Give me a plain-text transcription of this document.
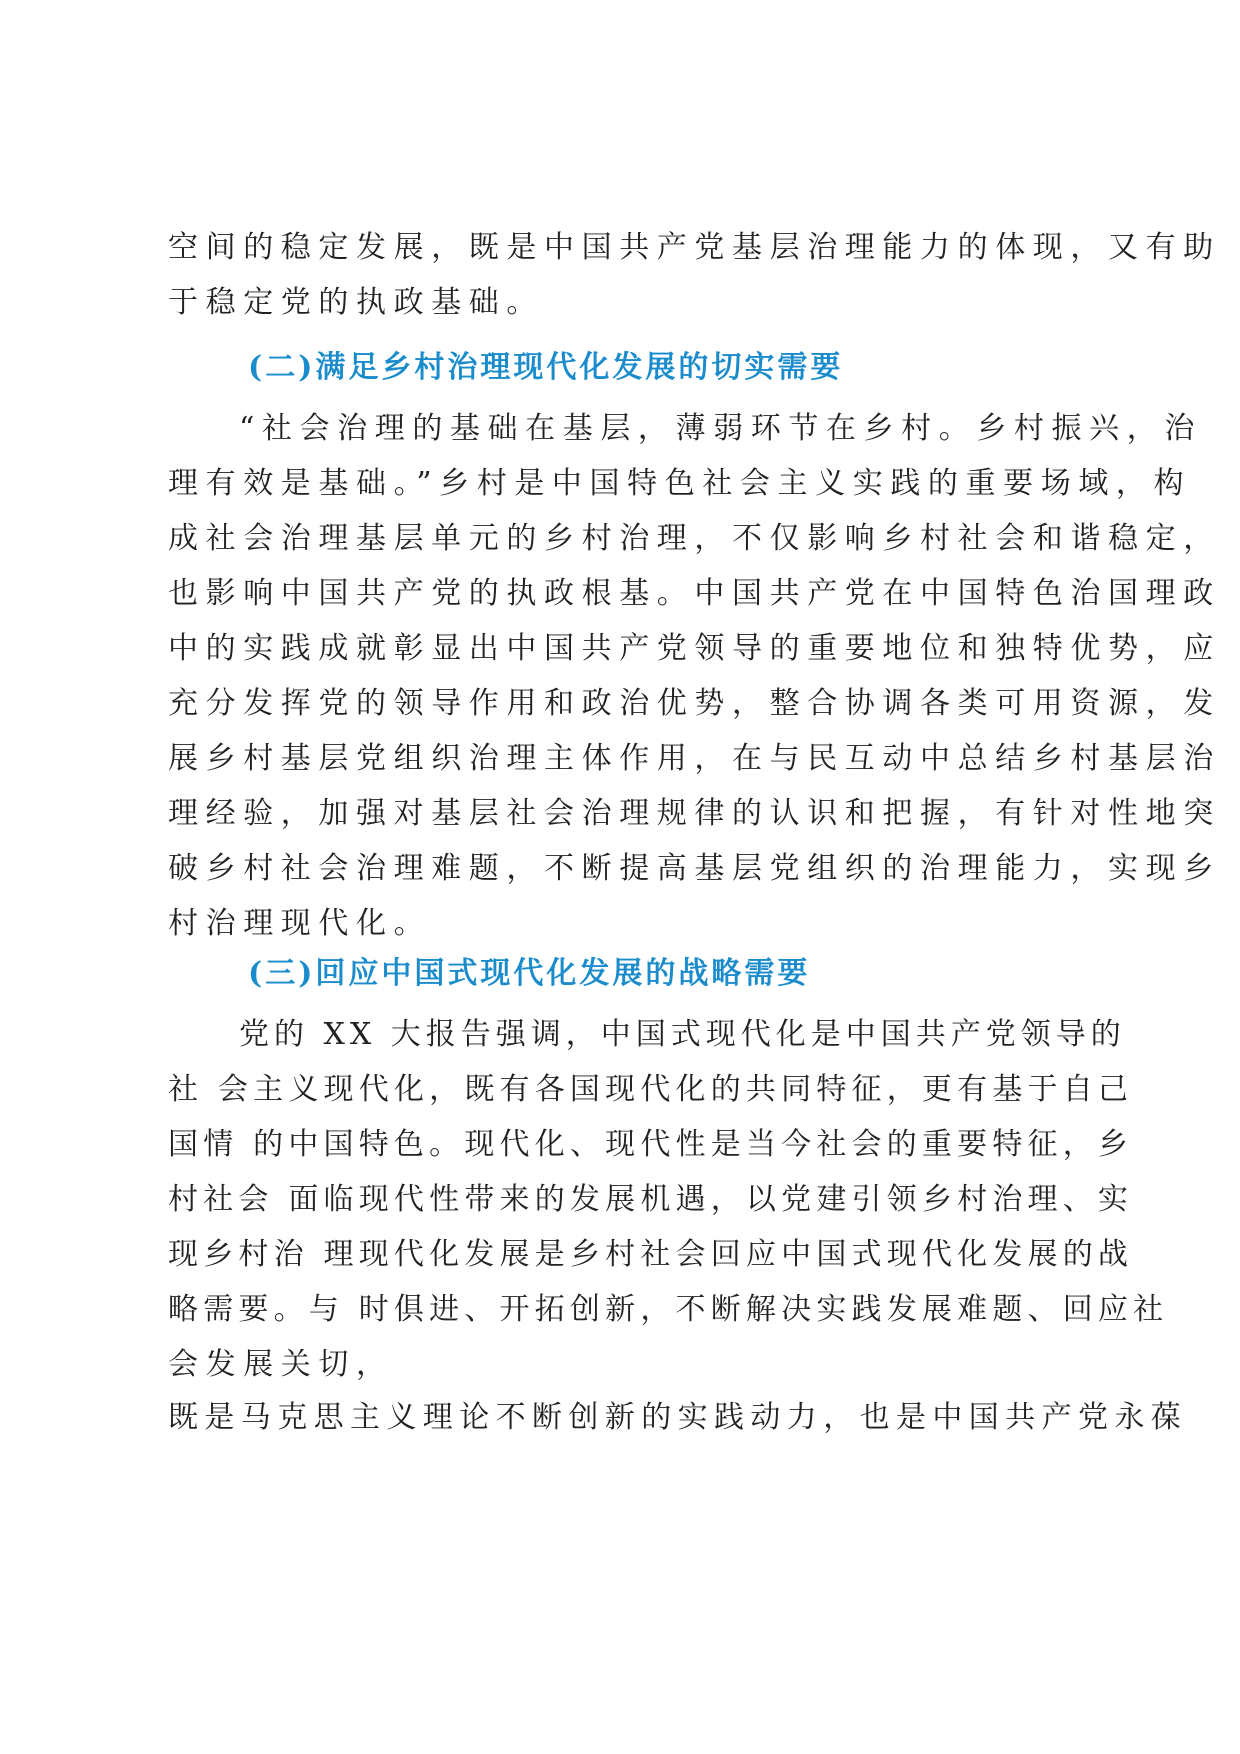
空间的稳定发展，既是中国共产党基层治理能力的体现，又有助
于稳定党的执政基础。
(二)满足乡村治理现代化发展的切实需要
“社会治理的基础在基层，薄弱环节在乡村。乡村振兴，治
理有效是基础。”乡村是中国特色社会主义实践的重要场域，构
成社会治理基层单元的乡村治理，不仅影响乡村社会和谐稳定，
也影响中国共产党的执政根基。中国共产党在中国特色治国理政
中的实践成就彰显出中国共产党领导的重要地位和独特优势，应
充分发挥党的领导作用和政治优势，整合协调各类可用资源，发
展乡村基层党组织治理主体作用，在与民互动中总结乡村基层治
理经验，加强对基层社会治理规律的认识和把握，有针对性地突
破乡村社会治理难题，不断提高基层党组织的治理能力，实现乡
村治理现代化。
(三)回应中国式现代化发展的战略需要
党的 XX 大报告强调，中国式现代化是中国共产党领导的
社 会主义现代化，既有各国现代化的共同特征，更有基于自己
国情 的中国特色。现代化、现代性是当今社会的重要特征，乡
村社会 面临现代性带来的发展机遇，以党建引领乡村治理、实
现乡村治 理现代化发展是乡村社会回应中国式现代化发展的战
略需要。与 时俱进、开拓创新，不断解决实践发展难题、回应社
会发展关切，
既是马克思主义理论不断创新的实践动力，也是中国共产党永葆
